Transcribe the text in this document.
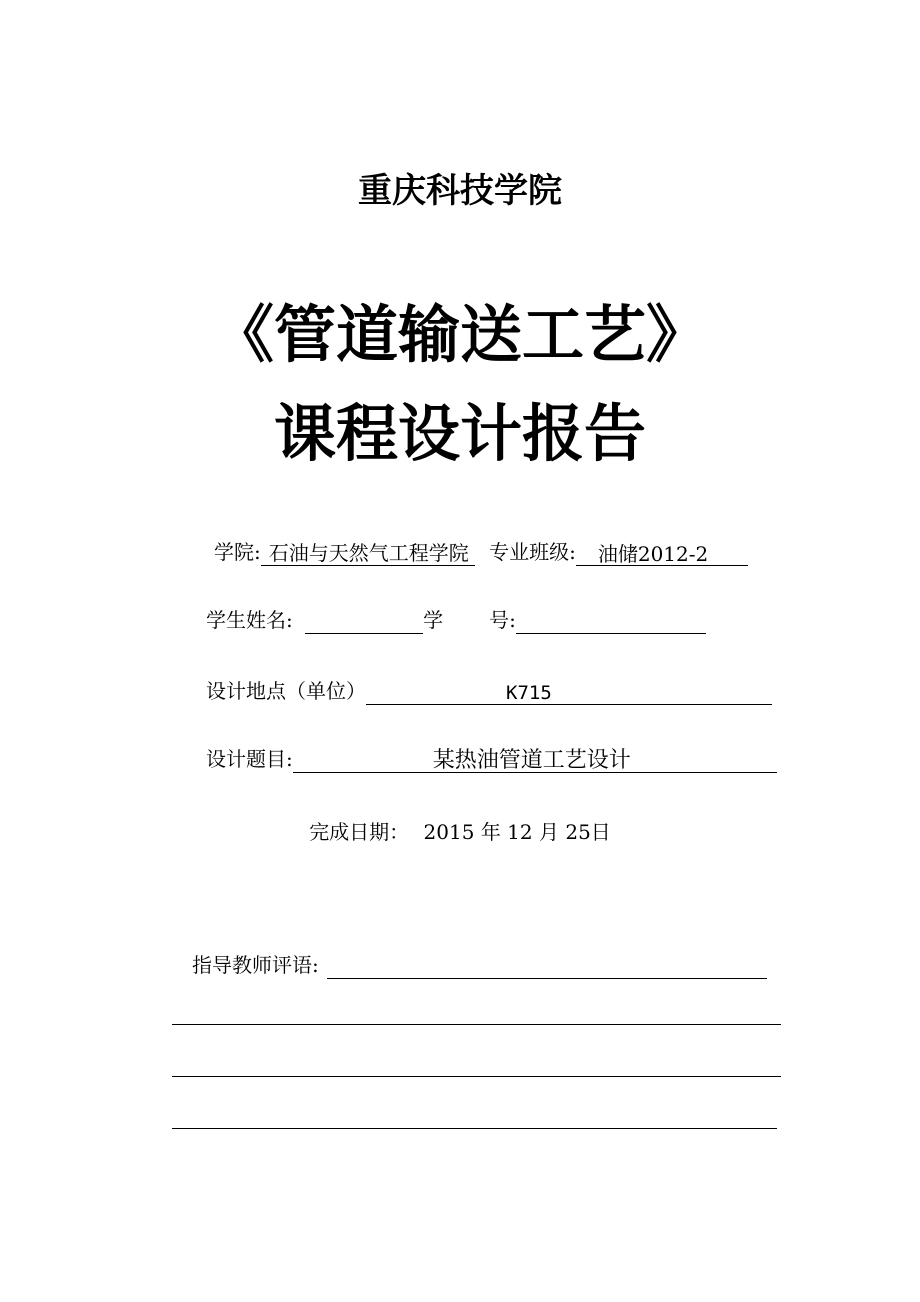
重庆科技学院
《管道输送工艺》
课程设计报告
学院: 石油与天然气工程学院 专业班级: 油储2012-2
学生姓名:	学 号:
设计地点（单位）	K715
设计题目:	某热油管道工艺设计
完成日期： 2015 年 12 月 25日
指导教师评语:
